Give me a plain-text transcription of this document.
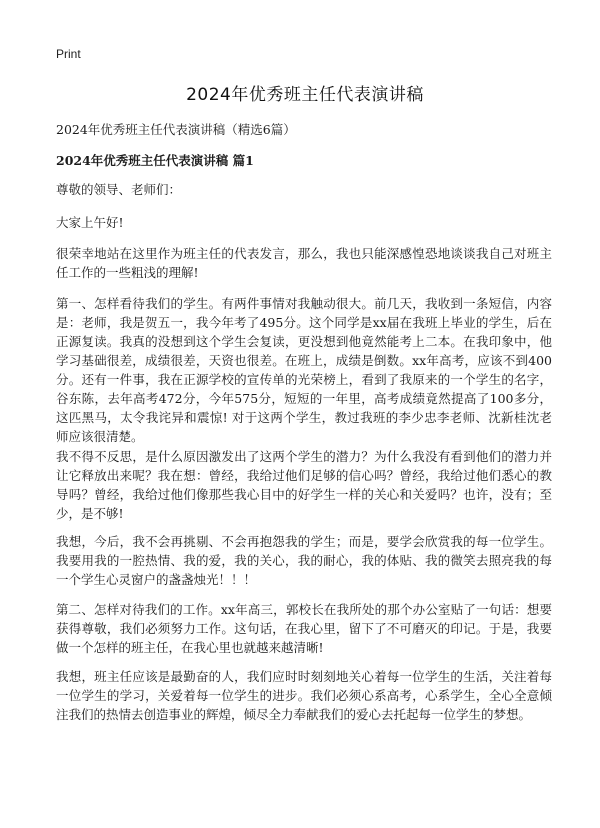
Print

2024年优秀班主任代表演讲稿

2024年优秀班主任代表演讲稿（精选6篇）

2024年优秀班主任代表演讲稿 篇1

尊敬的领导、老师们：

大家上午好!

很荣幸地站在这里作为班主任的代表发言，那么，我也只能深感惶恐地谈谈我自己对班主任工作的一些粗浅的理解!

第一、怎样看待我们的学生。有两件事情对我触动很大。前几天，我收到一条短信，内容是：老师，我是贺五一，我今年考了495分。这个同学是xx届在我班上毕业的学生，后在正源复读。我真的没想到这个学生会复读，更没想到他竟然能考上二本。在我印象中，他学习基础很差，成绩很差，天资也很差。在班上，成绩是倒数。xx年高考，应该不到400分。还有一件事，我在正源学校的宣传单的光荣榜上，看到了我原来的一个学生的名字，谷东陈，去年高考472分，今年575分，短短的一年里，高考成绩竟然提高了100多分，这匹黑马，太令我诧异和震惊! 对于这两个学生，教过我班的李少忠李老师、沈新桂沈老师应该很清楚。

我不得不反思，是什么原因激发出了这两个学生的潜力？为什么我没有看到他们的潜力并让它释放出来呢？我在想：曾经，我给过他们足够的信心吗？曾经，我给过他们悉心的教导吗？曾经，我给过他们像那些我心目中的好学生一样的关心和关爱吗？也许，没有；至少，是不够!

我想，今后，我不会再挑剔、不会再抱怨我的学生；而是，要学会欣赏我的每一位学生。我要用我的一腔热情、我的爱，我的关心，我的耐心，我的体贴、我的微笑去照亮我的每一个学生心灵窗户的盏盏烛光！！！

第二、怎样对待我们的工作。xx年高三，郭校长在我所处的那个办公室贴了一句话：想要获得尊敬，我们必须努力工作。这句话，在我心里，留下了不可磨灭的印记。于是，我要做一个怎样的班主任，在我心里也就越来越清晰!

我想，班主任应该是最勤奋的人，我们应时时刻刻地关心着每一位学生的生活，关注着每一位学生的学习，关爱着每一位学生的进步。我们必须心系高考，心系学生，全心全意倾注我们的热情去创造事业的辉煌，倾尽全力奉献我们的爱心去托起每一位学生的梦想。
